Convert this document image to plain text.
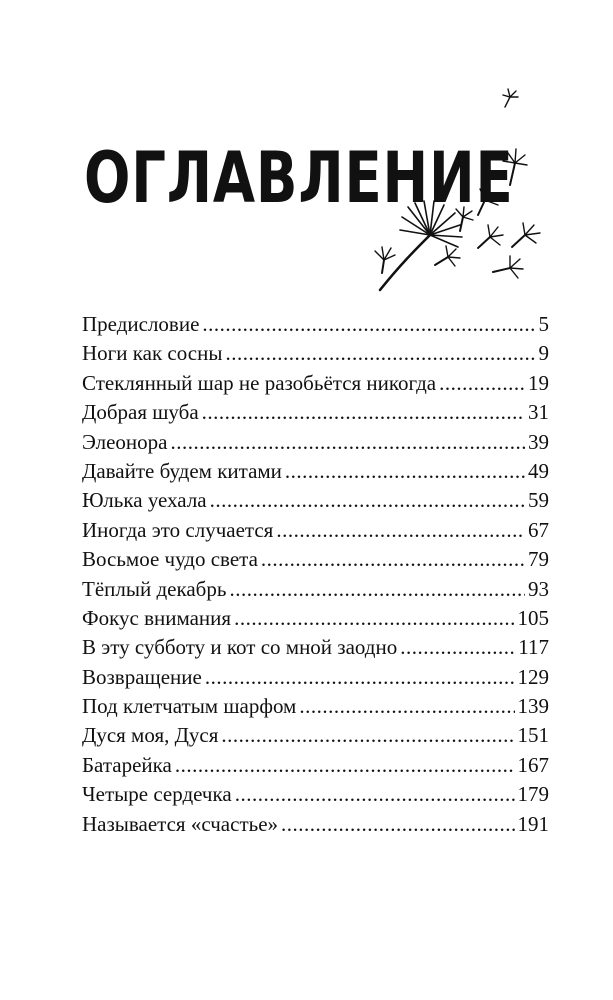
ОГЛАВЛЕНИЕ
Предисловие .....	5
Ноги как сосны .....	9
Стеклянный шар не разобьётся никогда .....	19
Добрая шуба .....	31
Элеонора .....	39
Давайте будем китами .....	49
Юлька уехала .....	59
Иногда это случается .....	67
Восьмое чудо света .....	79
Тёплый декабрь .....	93
Фокус внимания .....	105
В эту субботу и кот со мной заодно .....	117
Возвращение .....	129
Под клетчатым шарфом .....	139
Дуся моя, Дуся .....	151
Батарейка .....	167
Четыре сердечка .....	179
Называется «счастье» .....	191
